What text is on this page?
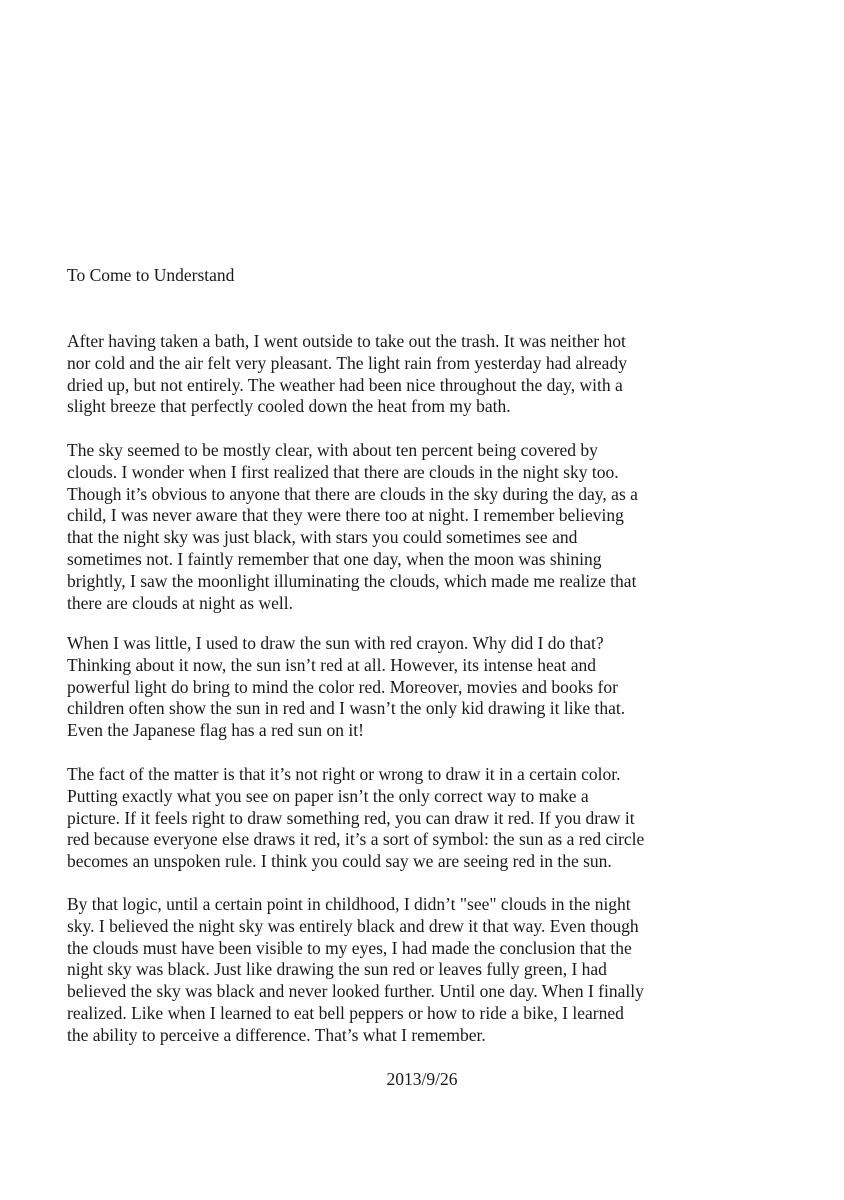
To Come to Understand
After having taken a bath, I went outside to take out the trash. It was neither hot
nor cold and the air felt very pleasant. The light rain from yesterday had already
dried up, but not entirely. The weather had been nice throughout the day, with a
slight breeze that perfectly cooled down the heat from my bath.
The sky seemed to be mostly clear, with about ten percent being covered by
clouds. I wonder when I first realized that there are clouds in the night sky too.
Though it’s obvious to anyone that there are clouds in the sky during the day, as a
child, I was never aware that they were there too at night. I remember believing
that the night sky was just black, with stars you could sometimes see and
sometimes not. I faintly remember that one day, when the moon was shining
brightly, I saw the moonlight illuminating the clouds, which made me realize that
there are clouds at night as well.
When I was little, I used to draw the sun with red crayon. Why did I do that?
Thinking about it now, the sun isn’t red at all. However, its intense heat and
powerful light do bring to mind the color red. Moreover, movies and books for
children often show the sun in red and I wasn’t the only kid drawing it like that.
Even the Japanese flag has a red sun on it!
The fact of the matter is that it’s not right or wrong to draw it in a certain color.
Putting exactly what you see on paper isn’t the only correct way to make a
picture. If it feels right to draw something red, you can draw it red. If you draw it
red because everyone else draws it red, it’s a sort of symbol: the sun as a red circle
becomes an unspoken rule. I think you could say we are seeing red in the sun.
By that logic, until a certain point in childhood, I didn’t "see" clouds in the night
sky. I believed the night sky was entirely black and drew it that way. Even though
the clouds must have been visible to my eyes, I had made the conclusion that the
night sky was black. Just like drawing the sun red or leaves fully green, I had
believed the sky was black and never looked further. Until one day. When I finally
realized. Like when I learned to eat bell peppers or how to ride a bike, I learned
the ability to perceive a difference. That’s what I remember.
2013/9/26
